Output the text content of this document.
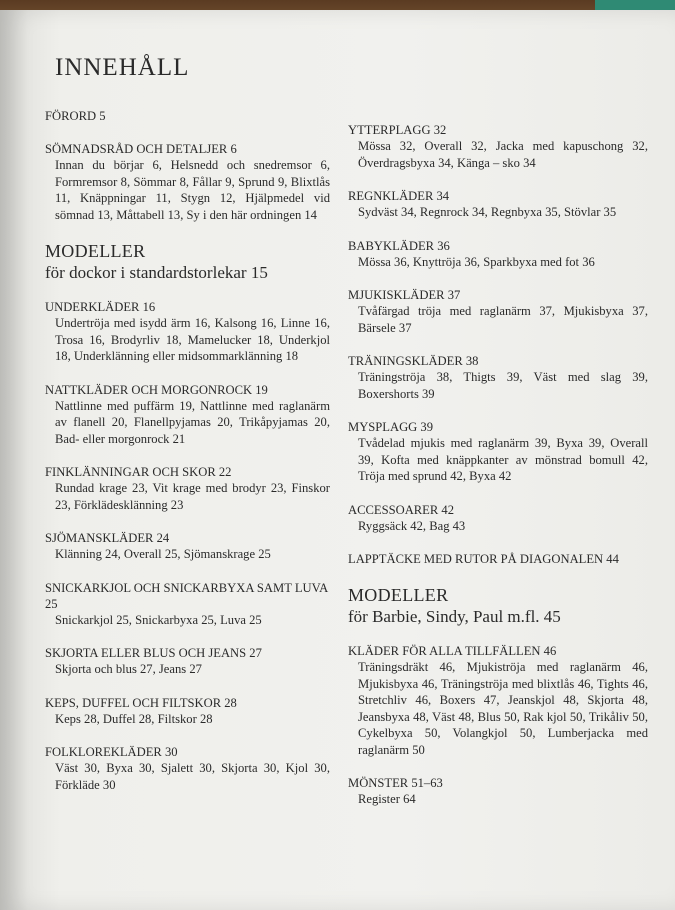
INNEHÅLL
FÖRORD 5
SÖMNADSRÅD OCH DETALJER 6
Innan du börjar 6, Helsnedd och snedremsor 6, Formremsor 8, Sömmar 8, Fållar 9, Sprund 9, Blixtlås 11, Knäppningar 11, Stygn 12, Hjälpmedel vid sömnad 13, Måttabell 13, Sy i den här ordningen 14
MODELLER
för dockor i standardstorlekar 15
UNDERKLÄDER 16
Undertröja med isydd ärm 16, Kalsong 16, Linne 16, Trosa 16, Brodyrliv 18, Mamelucker 18, Underkjol 18, Underklänning eller midsommarklänning 18
NATTKLÄDER OCH MORGONROCK 19
Nattlinne med puffärm 19, Nattlinne med raglanärm av flanell 20, Flanellpyjamas 20, Trikåpyjamas 20, Bad- eller morgonrock 21
FINKLÄNNINGAR OCH SKOR 22
Rundad krage 23, Vit krage med brodyr 23, Finskor 23, Förklädesklänning 23
SJÖMANSKLÄDER 24
Klänning 24, Overall 25, Sjömanskrage 25
SNICKARKJOL OCH SNICKARBYXA SAMT LUVA 25
Snickarkjol 25, Snickarbyxa 25, Luva 25
SKJORTA ELLER BLUS OCH JEANS 27
Skjorta och blus 27, Jeans 27
KEPS, DUFFEL OCH FILTSKOR 28
Keps 28, Duffel 28, Filtskor 28
FOLKLOREKLÄDER 30
Väst 30, Byxa 30, Sjalett 30, Skjorta 30, Kjol 30, Förkläde 30
YTTERPLAGG 32
Mössa 32, Overall 32, Jacka med kapuschong 32, Överdragsbyxa 34, Känga – sko 34
REGNKLÄDER 34
Sydväst 34, Regnrock 34, Regnbyxa 35, Stövlar 35
BABYKLÄDER 36
Mössa 36, Knyttröja 36, Sparkbyxa med fot 36
MJUKISKLÄDER 37
Tvåfärgad tröja med raglanärm 37, Mjukisbyxa 37, Bärsele 37
TRÄNINGSKLÄDER 38
Träningströja 38, Thigts 39, Väst med slag 39, Boxershorts 39
MYSPLAGG 39
Tvådelad mjukis med raglanärm 39, Byxa 39, Overall 39, Kofta med knäppkanter av mönstrad bomull 42, Tröja med sprund 42, Byxa 42
ACCESSOARER 42
Ryggsäck 42, Bag 43
LAPPTÄCKE MED RUTOR PÅ DIAGONALEN 44
MODELLER
för Barbie, Sindy, Paul m.fl. 45
KLÄDER FÖR ALLA TILLFÄLLEN 46
Träningsdräkt 46, Mjukiströja med raglanärm 46, Mjukisbyxa 46, Träningströja med blixtlås 46, Tights 46, Stretchliv 46, Boxers 47, Jeanskjol 48, Skjorta 48, Jeansbyxa 48, Väst 48, Blus 50, Rak kjol 50, Trikåliv 50, Cykelbyxa 50, Volangkjol 50, Lumberjacka med raglanärm 50
MÖNSTER 51–63
Register 64
